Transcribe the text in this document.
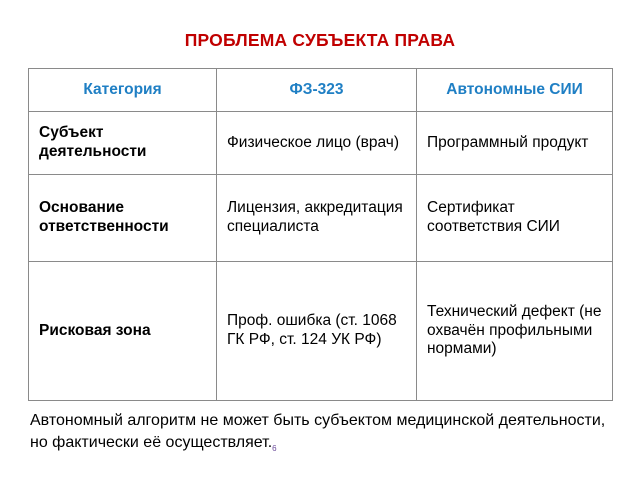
ПРОБЛЕМА СУБЪЕКТА ПРАВА
Категория	ФЗ-323	Автономные СИИ
Субъект деятельности	Физическое лицо (врач)	Программный продукт
Основание ответственности	Лицензия, аккредитация специалиста	Сертификат соответствия СИИ
Рисковая зона	Проф. ошибка (ст. 1068 ГК РФ, ст. 124 УК РФ)	Технический дефект (не охвачён профильными нормами)
Автономный алгоритм не может быть субъектом медицинской деятельности, но фактически её осуществляет.6
